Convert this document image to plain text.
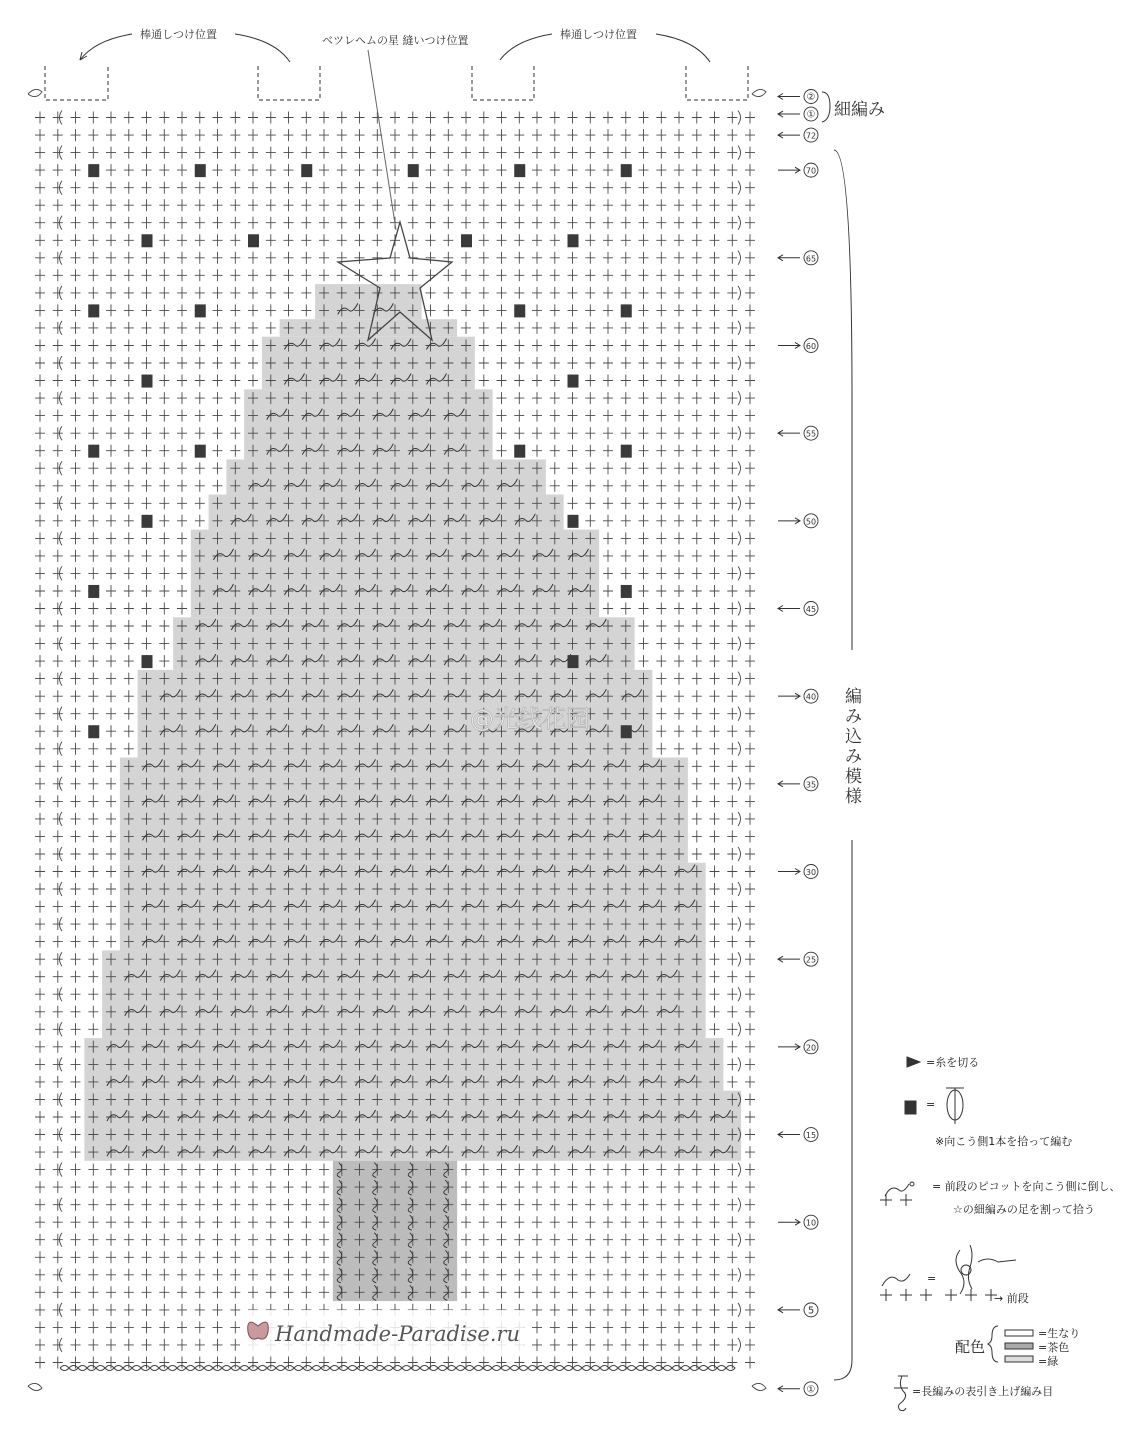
棒通しつけ位置	棒通しつけ位置
ベツレヘムの星 縫いつけ位置
②
①
72
70
65
60
55
50
45
40
35
30
25
20
15
10
5
①
細編み
編
み
込
み
模
様
@光线花园
Handmade-Paradise.ru
=糸を切る
=
※向こう側1本を拾って編む
= 前段のピコットを向こう側に倒し、
☆の細編みの足を割って拾う
=
→ 前段
配色
=生なり
=茶色
=緑
=長編みの表引き上げ編み目
